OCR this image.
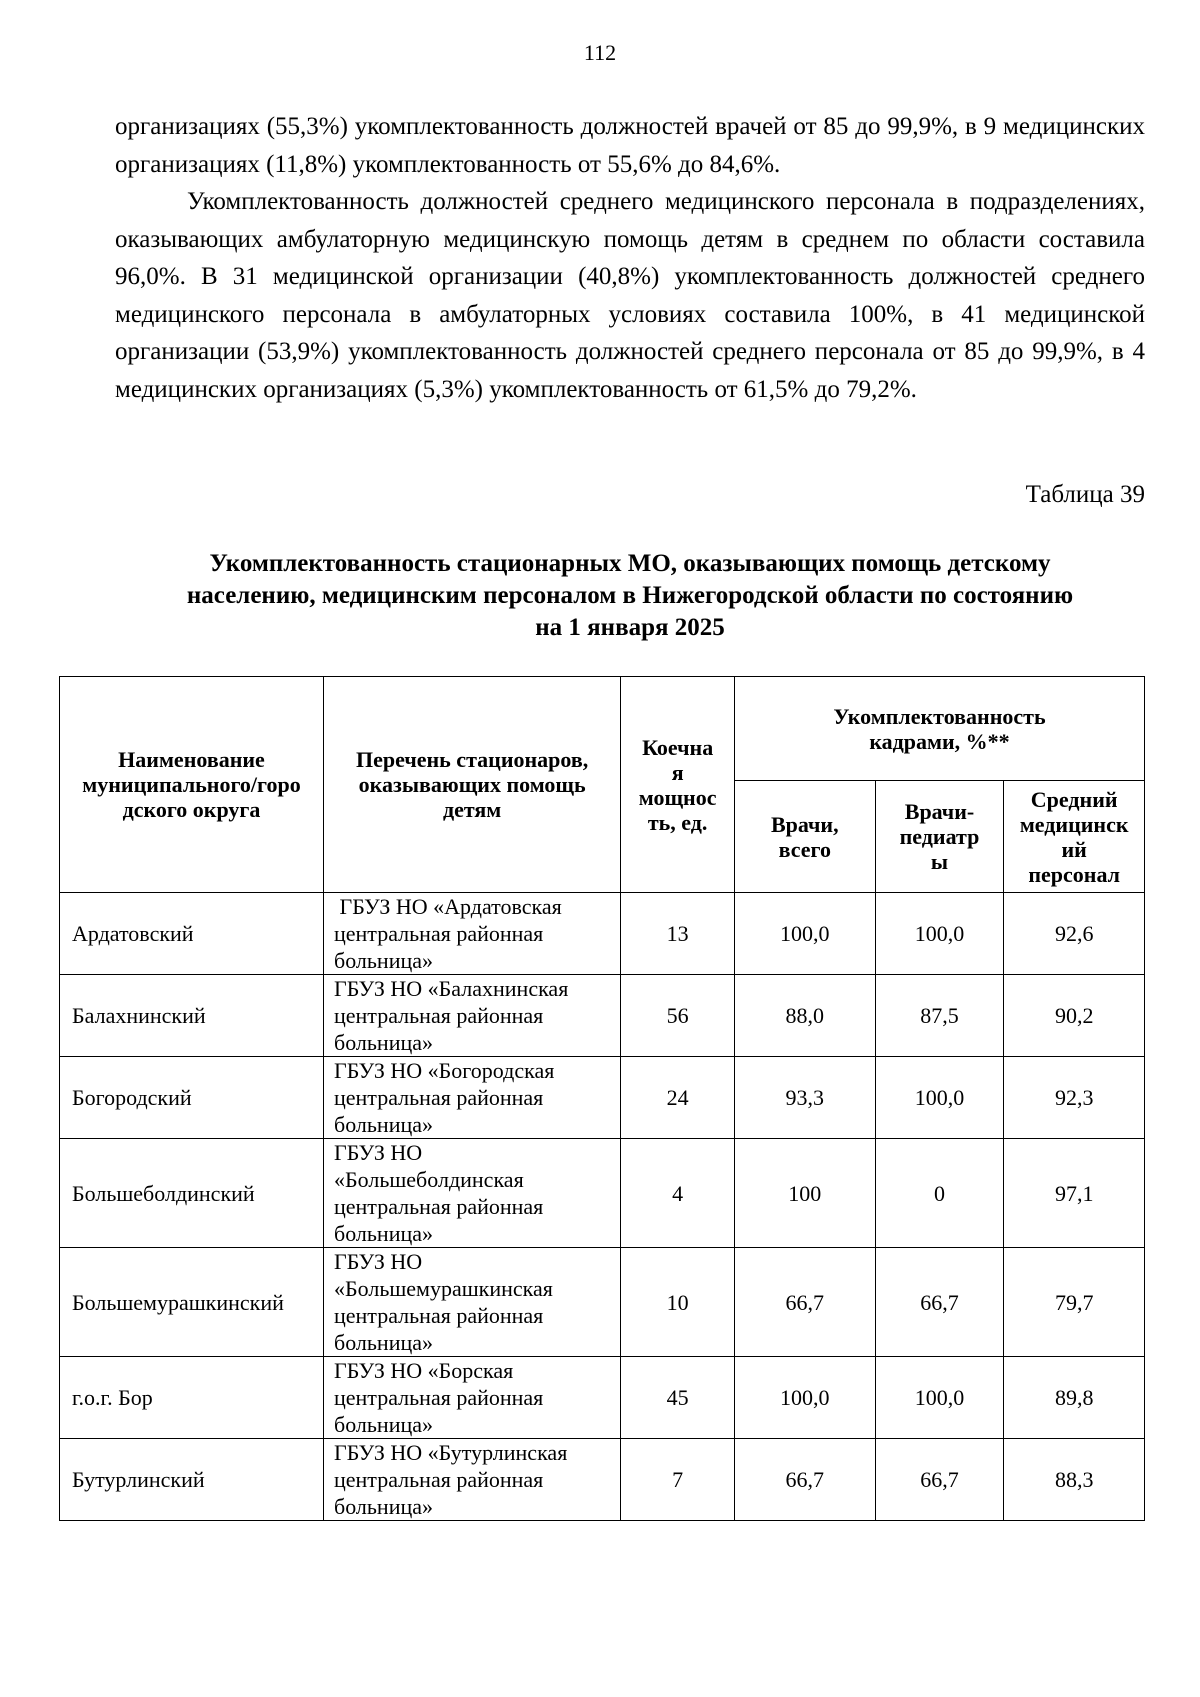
112

организациях (55,3%) укомплектованность должностей врачей от 85 до 99,9%, в 9 медицинских организациях (11,8%) укомплектованность от 55,6% до 84,6%.

Укомплектованность должностей среднего медицинского персонала в подразделениях, оказывающих амбулаторную медицинскую помощь детям в среднем по области составила 96,0%. В 31 медицинской организации (40,8%) укомплектованность должностей среднего медицинского персонала в амбулаторных условиях составила 100%, в 41 медицинской организации (53,9%) укомплектованность должностей среднего персонала от 85 до 99,9%, в 4 медицинских организациях (5,3%) укомплектованность от 61,5% до 79,2%.

Таблица 39
Укомплектованность стационарных МО, оказывающих помощь детскому
населению, медицинским персоналом в Нижегородской области по состоянию
на 1 января 2025
Наименование
муниципального/горо
дского округа	Перечень стационаров,
оказывающих помощь
детям	Коечна
я
мощнос
ть, ед.	Укомплектованность
кадрами, %**		
			Врачи,
всего	Врачи-
педиатр
ы	Средний
медицинск
ий
персонал
Ардатовский	ГБУЗ НО «Ардатовская
центральная районная
больница»	13	100,0	100,0	92,6
Балахнинский	ГБУЗ НО «Балахнинская
центральная районная
больница»	56	88,0	87,5	90,2
Богородский	ГБУЗ НО «Богородская
центральная районная
больница»	24	93,3	100,0	92,3
Большеболдинский	ГБУЗ НО
«Большеболдинская
центральная районная
больница»	4	100	0	97,1
Большемурашкинский	ГБУЗ НО
«Большемурашкинская
центральная районная
больница»	10	66,7	66,7	79,7
г.о.г. Бор	ГБУЗ НО «Борская
центральная районная
больница»	45	100,0	100,0	89,8
Бутурлинский	ГБУЗ НО «Бутурлинская
центральная районная
больница»	7	66,7	66,7	88,3
